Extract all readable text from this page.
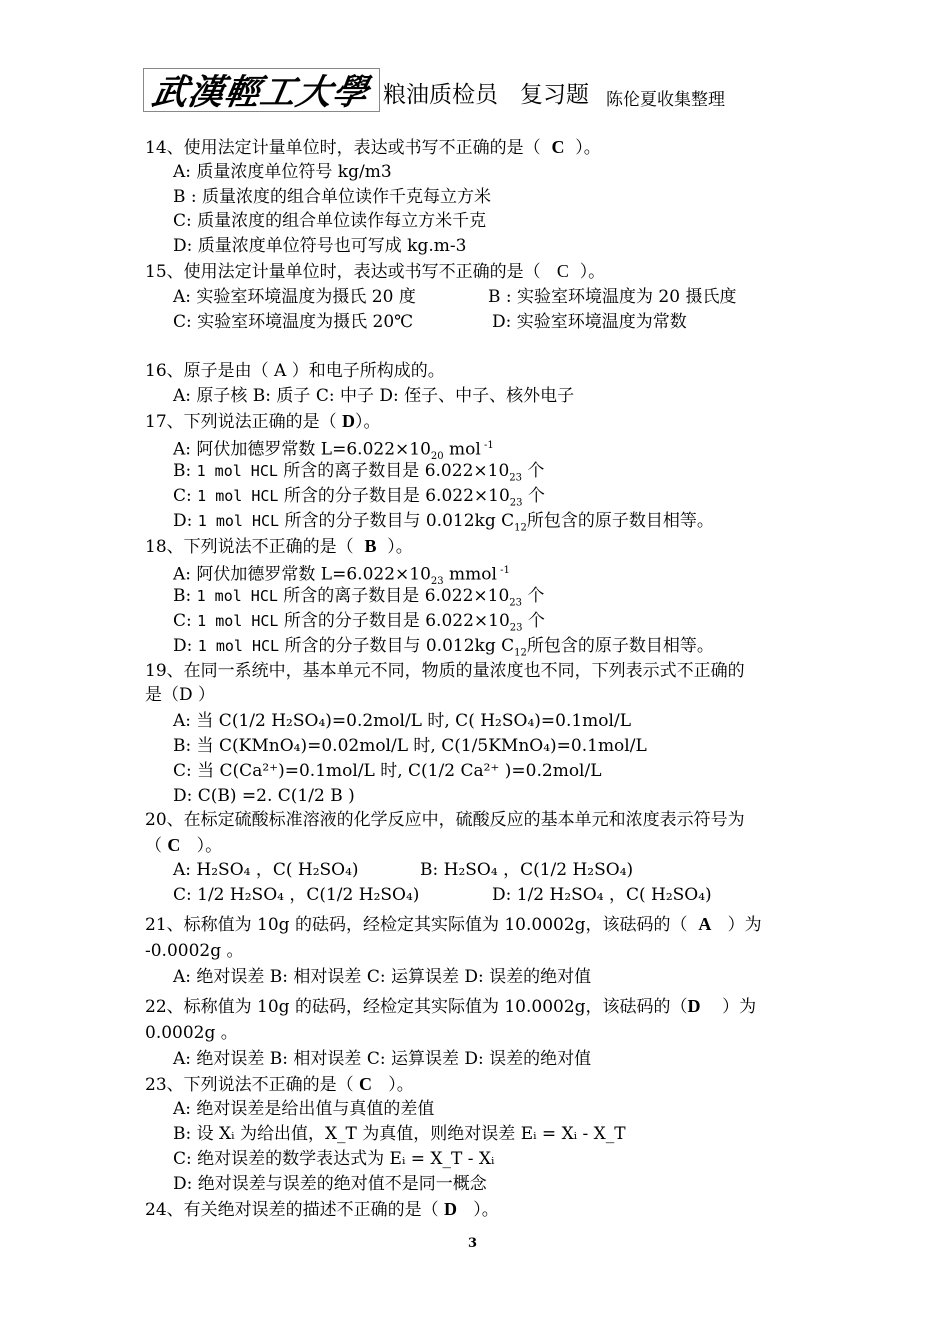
武漢輕工大學 粮油质检员 复习题 陈伦夏收集整理
14、使用法定计量单位时，表达或书写不正确的是（ C ）。
A: 质量浓度单位符号 kg/m3
B : 质量浓度的组合单位读作千克每立方米
C: 质量浓度的组合单位读作每立方米千克
D: 质量浓度单位符号也可写成 kg.m-3
15、使用法定计量单位时，表达或书写不正确的是（ C ）。
A: 实验室环境温度为摄氏 20 度	B : 实验室环境温度为 20 摄氏度
C: 实验室环境温度为摄氏 20℃	D: 实验室环境温度为常数
16、原子是由（ A ）和电子所构成的。
A: 原子核 B: 质子 C: 中子 D: 侄子、中子、核外电子
17、下列说法正确的是（ D）。
A: 阿伏加德罗常数 $L=6.022\times 10_{20}$ mol $^{-1}$
B: 1 mol HCL 所含的离子数目是 $6.022\times 10_{23}$ 个
C: 1 mol HCL 所含的分子数目是 $6.022\times 10_{23}$ 个
D: 1 mol HCL 所含的分子数目与 0.012kg $C_{12}$所包含的原子数目相等。
18、下列说法不正确的是（ B ）。
A: 阿伏加德罗常数 $L=6.022\times 10_{23}$ mmol $^{-1}$
B: 1 mol HCL 所含的离子数目是 $6.022\times 10_{23}$ 个
C: 1 mol HCL 所含的分子数目是 $6.022\times 10_{23}$ 个
D: 1 mol HCL 所含的分子数目与 0.012kg $C_{12}$所包含的原子数目相等。
19、在同一系统中，基本单元不同，物质的量浓度也不同，下列表示式不正确的
是（D ）
A: 当 C(1/2 H₂SO₄)=0.2mol/L 时, C( H₂SO₄)=0.1mol/L
B: 当 C(KMnO₄)=0.02mol/L 时, C(1/5KMnO₄)=0.1mol/L
C: 当 C(Ca²⁺)=0.1mol/L 时, C(1/2 Ca²⁺ )=0.2mol/L
D: C(B) =2. C(1/2 B )
20、在标定硫酸标准溶液的化学反应中，硫酸反应的基本单元和浓度表示符号为
（ C ）。
A: H₂SO₄ ，C( H₂SO₄)	B: H₂SO₄ ，C(1/2 H₂SO₄)
C: 1/2 H₂SO₄ ，C(1/2 H₂SO₄)	D: 1/2 H₂SO₄ ，C( H₂SO₄)
21、标称值为 10g 的砝码，经检定其实际值为 10.0002g，该砝码的（ A ）为
-0.0002g 。
A: 绝对误差 B: 相对误差 C: 运算误差 D: 误差的绝对值
22、标称值为 10g 的砝码，经检定其实际值为 10.0002g，该砝码的（D ）为
0.0002g 。
A: 绝对误差 B: 相对误差 C: 运算误差 D: 误差的绝对值
23、下列说法不正确的是（ C ）。
A: 绝对误差是给出值与真值的差值
B: 设 Xᵢ 为给出值，X_T 为真值，则绝对误差 Eᵢ = Xᵢ - X_T
C: 绝对误差的数学表达式为 Eᵢ = X_T - Xᵢ
D: 绝对误差与误差的绝对值不是同一概念
24、有关绝对误差的描述不正确的是（ D ）。
3
